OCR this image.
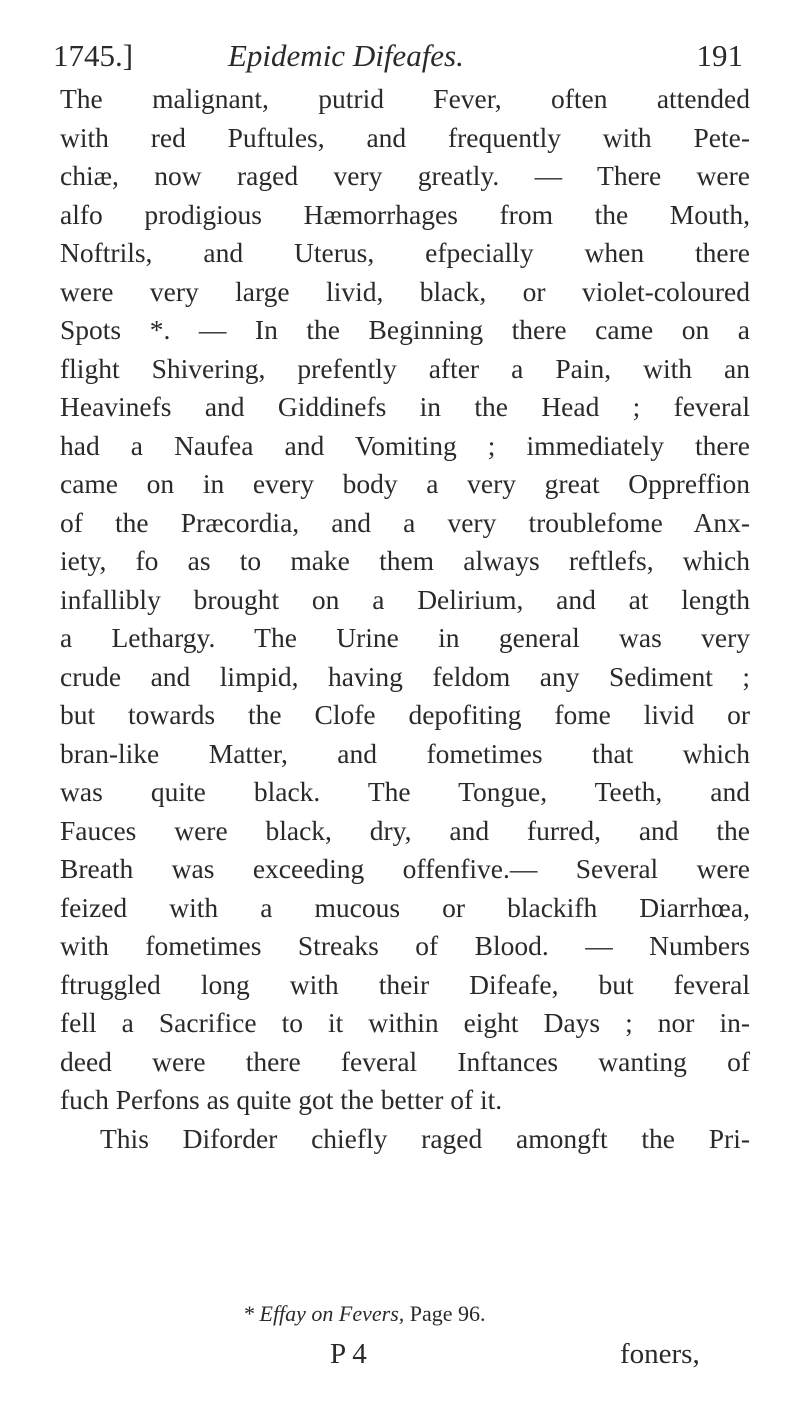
1745.]	Epidemic Difeafes.	191
The malignant, putrid Fever, often attended
with red Puftules, and frequently with Pete-
chiæ, now raged very greatly. — There were
alfo prodigious Hæmorrhages from the Mouth,
Noftrils, and Uterus, efpecially when there
were very large livid, black, or violet-coloured
Spots *. — In the Beginning there came on a
flight Shivering, prefently after a Pain, with an
Heavinefs and Giddinefs in the Head ; feveral
had a Naufea and Vomiting ; immediately there
came on in every body a very great Oppreffion
of the Præcordia, and a very troublefome Anx-
iety, fo as to make them always reftlefs, which
infallibly brought on a Delirium, and at length
a Lethargy. The Urine in general was very
crude and limpid, having feldom any Sediment ;
but towards the Clofe depofiting fome livid or
bran-like Matter, and fometimes that which
was quite black. The Tongue, Teeth, and
Fauces were black, dry, and furred, and the
Breath was exceeding offenfive.— Several were
feized with a mucous or blackifh Diarrhœa,
with fometimes Streaks of Blood. — Numbers
ftruggled long with their Difeafe, but feveral
fell a Sacrifice to it within eight Days ; nor in-
deed were there feveral Inftances wanting of
fuch Perfons as quite got the better of it.
This Diforder chiefly raged amongft the Pri-
* Effay on Fevers, Page 96.
P 4	foners,
